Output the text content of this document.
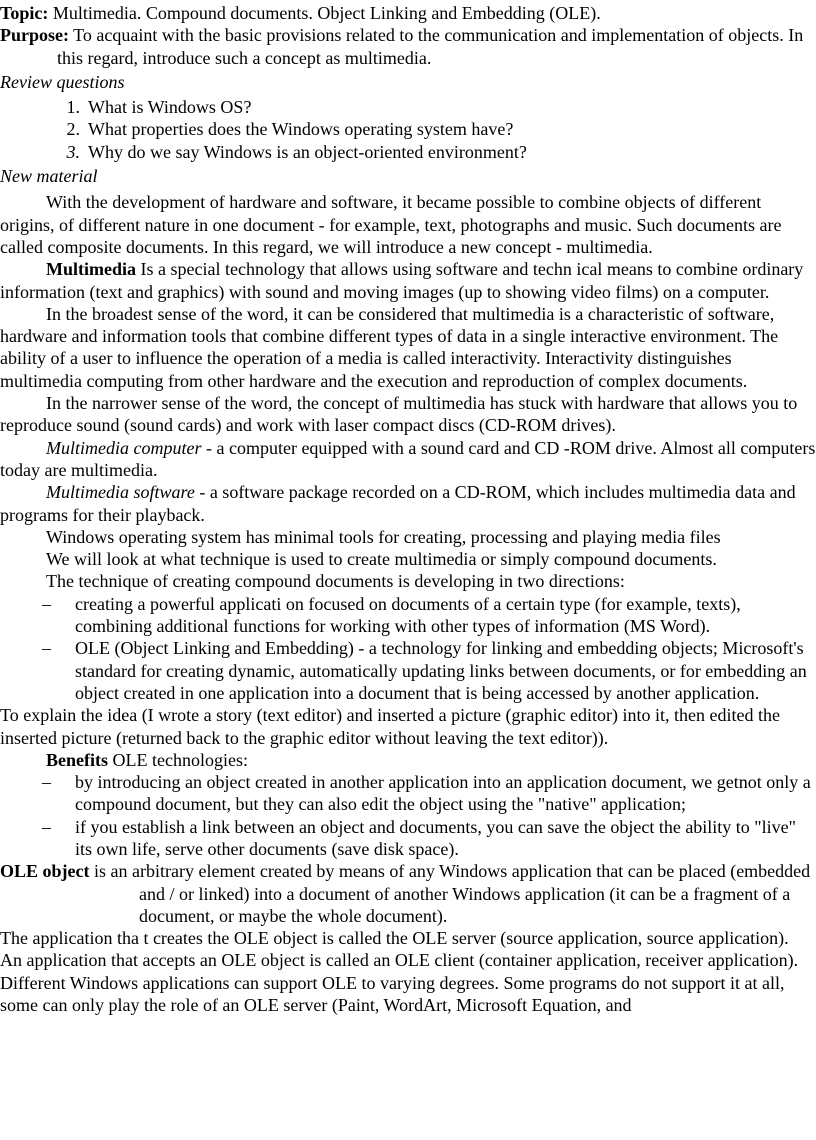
Topic: Multimedia. Compound documents. Object Linking and Embedding (OLE).

Purpose: To acquaint with the basic provisions related to the communication and implementation of objects. In this regard, introduce such a concept as multimedia.

Review questions

1. What is Windows OS?
2. What properties does the Windows operating system have?
3. Why do we say Windows is an object-oriented environment?

New material

With the development of hardware and software, it became possible to combine objects of different origins, of different nature in one document - for example, text, photographs and music. Such documents are called composite documents. In this regard, we will introduce a new concept - multimedia.

Multimedia Is a special technology that allows using software and techn ical means to combine ordinary information (text and graphics) with sound and moving images (up to showing video films) on a computer.

In the broadest sense of the word, it can be considered that multimedia is a characteristic of software, hardware and information tools that combine different types of data in a single interactive environment. The ability of a user to influence the operation of a media is called interactivity. Interactivity distinguishes multimedia computing from other hardware and the execution and reproduction of complex documents.

In the narrower sense of the word, the concept of multimedia has stuck with hardware that allows you to reproduce sound (sound cards) and work with laser compact discs (CD-ROM drives).

Multimedia computer - a computer equipped with a sound card and CD -ROM drive. Almost all computers today are multimedia.

Multimedia software - a software package recorded on a CD-ROM, which includes multimedia data and programs for their playback.

Windows operating system has minimal tools for creating, processing and playing media files

We will look at what technique is used to create multimedia or simply compound documents.

The technique of creating compound documents is developing in two directions:

– creating a powerful applicati on focused on documents of a certain type (for example, texts), combining additional functions for working with other types of information (MS Word).

– OLE (Object Linking and Embedding) - a technology for linking and embedding objects; Microsoft's standard for creating dynamic, automatically updating links between documents, or for embedding an object created in one application into a document that is being accessed by another application.

To explain the idea (I wrote a story (text editor) and inserted a picture (graphic editor) into it, then edited the inserted picture (returned back to the graphic editor without leaving the text editor)).

Benefits OLE technologies:

– by introducing an object created in another application into an application document, we getnot only a compound document, but they can also edit the object using the "native" application;

– if you establish a link between an object and documents, you can save the object the ability to "live" its own life, serve other documents (save disk space).

OLE object is an arbitrary element created by means of any Windows application that can be placed (embedded and / or linked) into a document of another Windows application (it can be a fragment of a document, or maybe the whole document).

The application tha t creates the OLE object is called the OLE server (source application, source application).

An application that accepts an OLE object is called an OLE client (container application, receiver application).

Different Windows applications can support OLE to varying degrees. Some programs do not support it at all, some can only play the role of an OLE server (Paint, WordArt, Microsoft Equation, and
